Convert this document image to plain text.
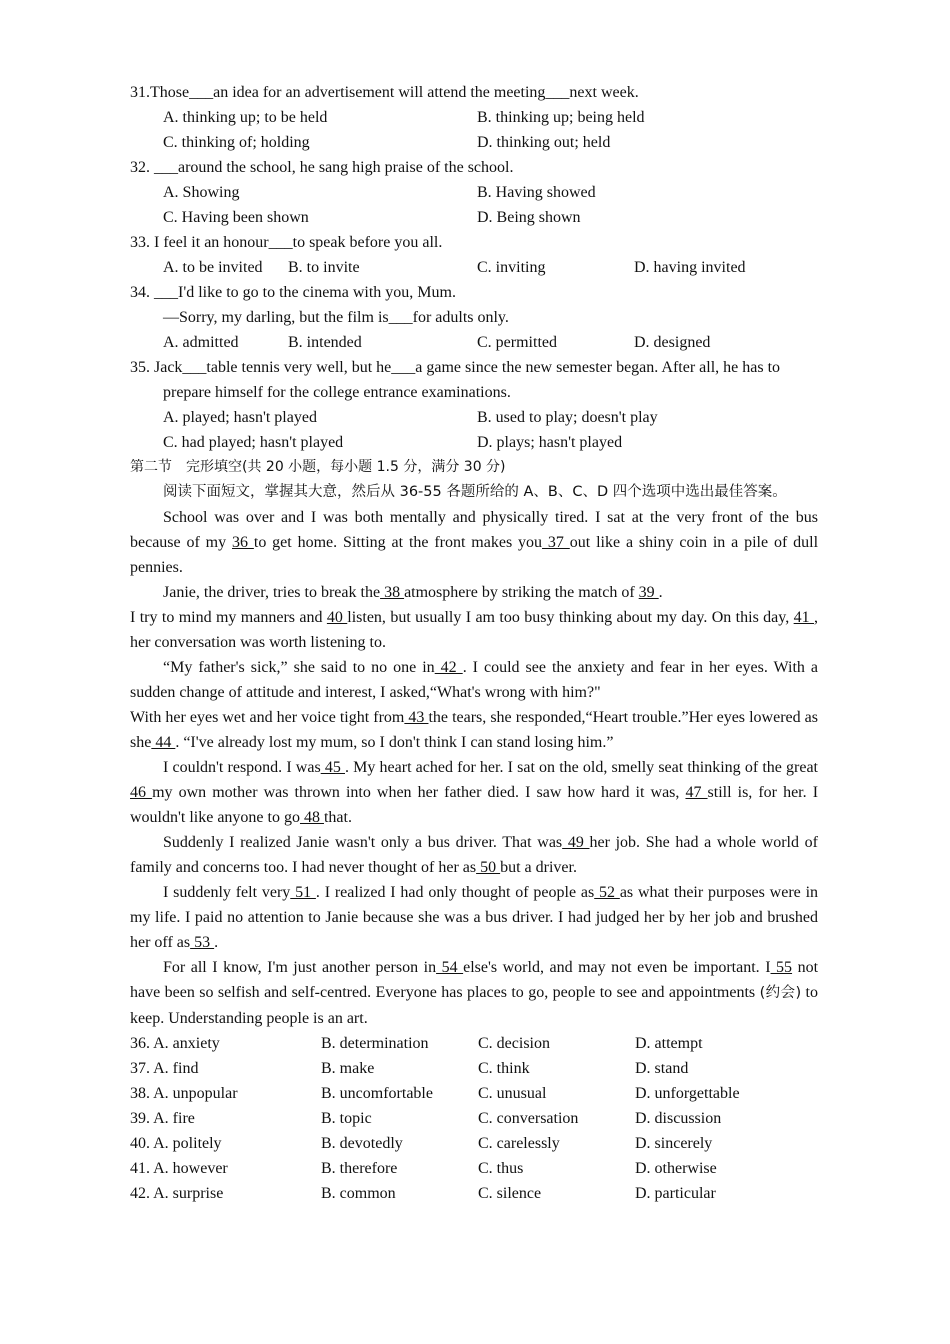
31.Those___an idea for an advertisement will attend the meeting___next week.
A. thinking up; to be held	B. thinking up; being held
C. thinking of; holding	D. thinking out; held
32. ___around the school, he sang high praise of the school.
A. Showing	B. Having showed
C. Having been shown	D. Being shown
33. I feel it an honour___to speak before you all.
A. to be invited	B. to invite	C. inviting	D. having invited
34. ___I'd like to go to the cinema with you, Mum.
—Sorry, my darling, but the film is___for adults only.
A. admitted	B. intended	C. permitted	D. designed
35. Jack___table tennis very well, but he___a game since the new semester began. After all, he has to
prepare himself for the college entrance examinations.
A. played; hasn't played	B. used to play; doesn't play
C. had played; hasn't played	D. plays; hasn't played
第二节　完形填空(共 20 小题，每小题 1.5 分，满分 30 分)

阅读下面短文，掌握其大意，然后从 36-55 各题所给的 A、B、C、D 四个选项中选出最佳答案。

School was over and I was both mentally and physically tired. I sat at the very front of the bus because of my 36 to get home. Sitting at the front makes you 37 out like a shiny coin in a pile of dull pennies.

Janie, the driver, tries to break the 38 atmosphere by striking the match of 39 .

I try to mind my manners and 40 listen, but usually I am too busy thinking about my day. On this day, 41 , her conversation was worth listening to.

“My father's sick,” she said to no one in 42 . I could see the anxiety and fear in her eyes. With a sudden change of attitude and interest, I asked,“What's wrong with him?"

With her eyes wet and her voice tight from 43 the tears, she responded,“Heart trouble.”Her eyes lowered as she 44 . “I've already lost my mum, so I don't think I can stand losing him.”

I couldn't respond. I was 45 . My heart ached for her. I sat on the old, smelly seat thinking of the great 46 my own mother was thrown into when her father died. I saw how hard it was, 47 still is, for her. I wouldn't like anyone to go 48 that.

Suddenly I realized Janie wasn't only a bus driver. That was 49 her job. She had a whole world of family and concerns too. I had never thought of her as 50 but a driver.

I suddenly felt very 51 . I realized I had only thought of people as 52 as what their purposes were in my life. I paid no attention to Janie because she was a bus driver. I had judged her by her job and brushed her off as 53 .

For all I know, I'm just another person in 54 else's world, and may not even be important. I 55 not have been so selfish and self-centred. Everyone has places to go, people to see and appointments (约会) to keep. Understanding people is an art.

36. A. anxiety	B. determination	C. decision	D. attempt
37. A. find	B. make	C. think	D. stand
38. A. unpopular	B. uncomfortable	C. unusual	D. unforgettable
39. A. fire	B. topic	C. conversation	D. discussion
40. A. politely	B. devotedly	C. carelessly	D. sincerely
41. A. however	B. therefore	C. thus	D. otherwise
42. A. surprise	B. common	C. silence	D. particular
